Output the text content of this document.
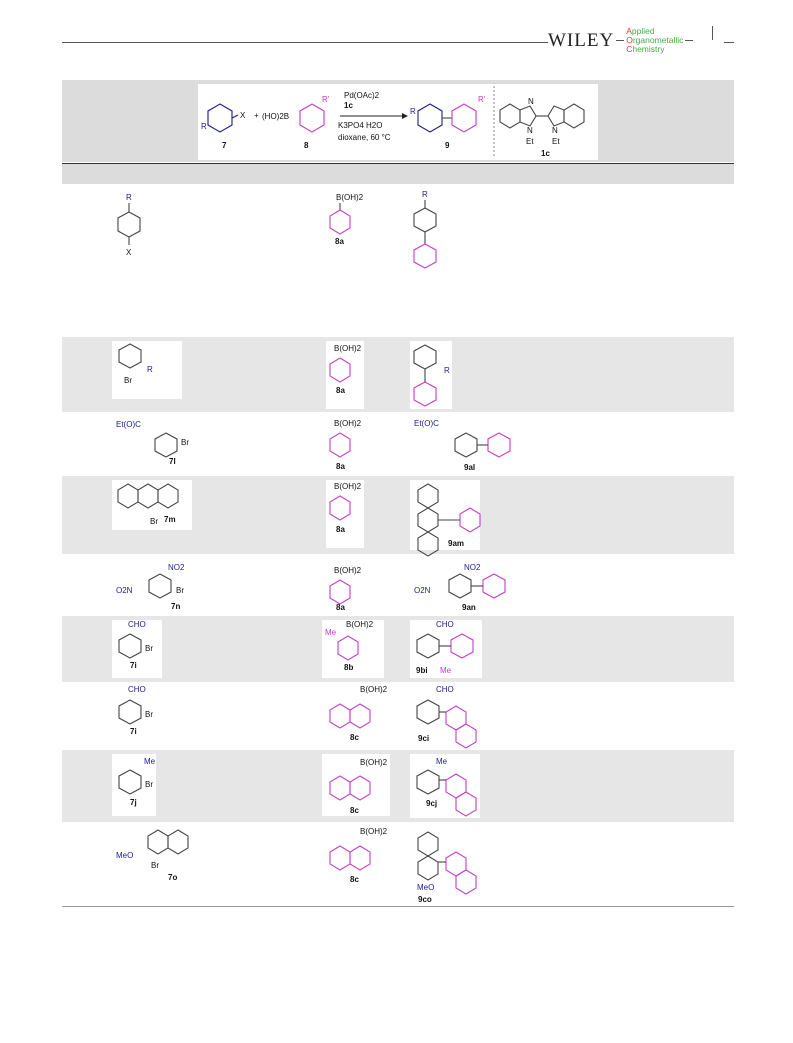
WILEY Applied
Organometallic
Chemistry
X
R
7
+ (HO)2B
R'
8
Pd(OAc)2
1c
K3PO4 H2O
dioxane, 60 °C
R
R'
9
N
N N
Et Et
1c
R
X
B(OH)2
8a
R
R
Br
B(OH)2
8a
R
Et(O)C
Br
7l
B(OH)2
8a
Et(O)C
9al
Br 7m
B(OH)2
8a
9am
NO2
O2N	Br
7n
B(OH)2
8a
NO2
O2N
9an
CHO
Br
7i
Me
B(OH)2
8b
CHO
9bi Me
CHO
Br
7i
B(OH)2
8c
CHO
9ci
Me
Br
7j
B(OH)2
8c
Me
9cj
MeO
Br
7o
B(OH)2
8c
MeO
9co
